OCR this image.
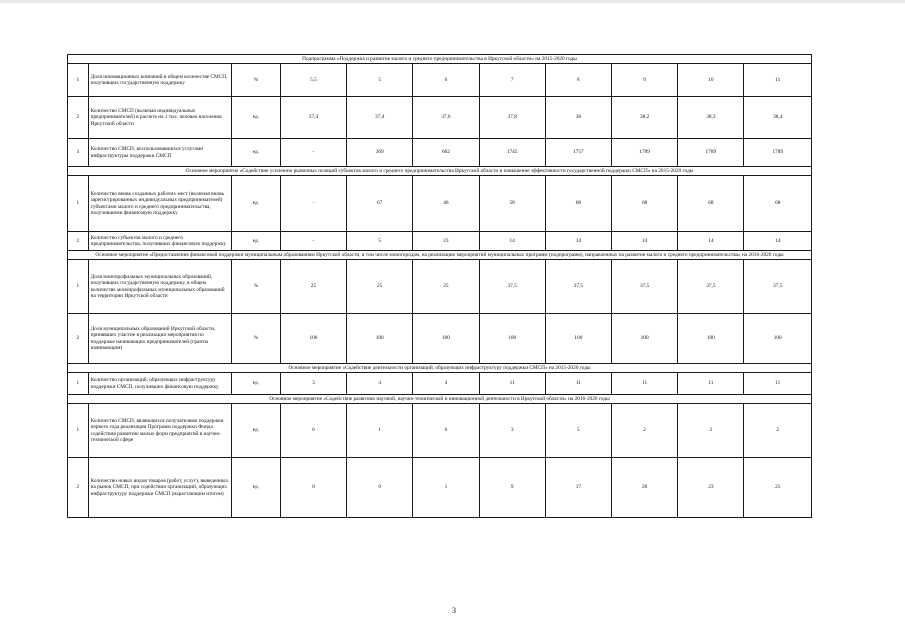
Подпрограмма «Поддержка и развитие малого и среднего предпринимательства в Иркутской области» на 2015-2020 годы										
1	Доля инновационных компаний в общем количестве СМСП, получивших государственную поддержку	%	5,5	5	6	7	8	9	10	11
2	Количество СМСП (включая индивидуальных предпринимателей) в расчете на 1 тыс. человек населения Иркутской области	ед.	37,4	37,4	37,6	37,8	38	38,2	38,3	38,4
3	Количество СМСП, воспользовавшихся услугами инфраструктуры поддержки СМСП	ед.	-	369	662	1745	1757	1789	1789	1789
Основное мероприятие «Содействие усилению рыночных позиций субъектов малого и среднего предпринимательства Иркутской области и повышение эффективности государственной поддержки СМСП» на 2015-2020 годы										
1	Количество вновь созданных рабочих мест (включая вновь зарегистрированных индивидуальных предпринимателей) субъектами малого и среднего предпринимательства, получившими финансовую поддержку	ед.	-	67	46	58	68	68	68	68
2	Количество субъектов малого и среднего предпринимательства, получивших финансовую поддержку	ед.	-	5	23	14	14	14	14	14
Основное мероприятие «Предоставление финансовой поддержки муниципальным образованиям Иркутской области, в том числе моногородам, на реализацию мероприятий муниципальных программ (подпрограмм), направленных на развитие малого и среднего предпринимательства» на 2016-2020 годы										
1	Доля монопрофильных муниципальных образований, получивших государственную поддержку, в общем количестве монопрофильных муниципальных образований на территории Иркутской области	%	25	25	25	37,5	37,5	37,5	37,5	37,5
2	Доля муниципальных образований Иркутской области, принявших участие в реализации мероприятия по поддержке начинающих предпринимателей (гранты начинающим)	%	100	100	100	100	100	100	100	100
Основное мероприятие «Содействие деятельности организаций, образующих инфраструктуру поддержки СМСП» на 2015-2020 годы										
1	Количество организаций, образующих инфраструктуру поддержки СМСП, получивших финансовую поддержку	ед.	3	4	4	11	11	11	11	11
Основное мероприятие «Содействие развитию научной, научно-технической и инновационной деятельности в Иркутской области» на 2016-2020 годы										
1	Количество СМСП, являющихся получателями поддержки первого года реализации Программ поддержки Фонда содействия развитию малых форм предприятий в научно-технической сфере	ед.	6	1	6	3	5	2	2	2
2	Количество новых видов товаров (работ, услуг), выведенных на рынок СМСП, при содействии организаций, образующих инфраструктуру поддержки СМСП (нарастающим итогом)	ед.	0	0	1	9	17	20	23	25
3
